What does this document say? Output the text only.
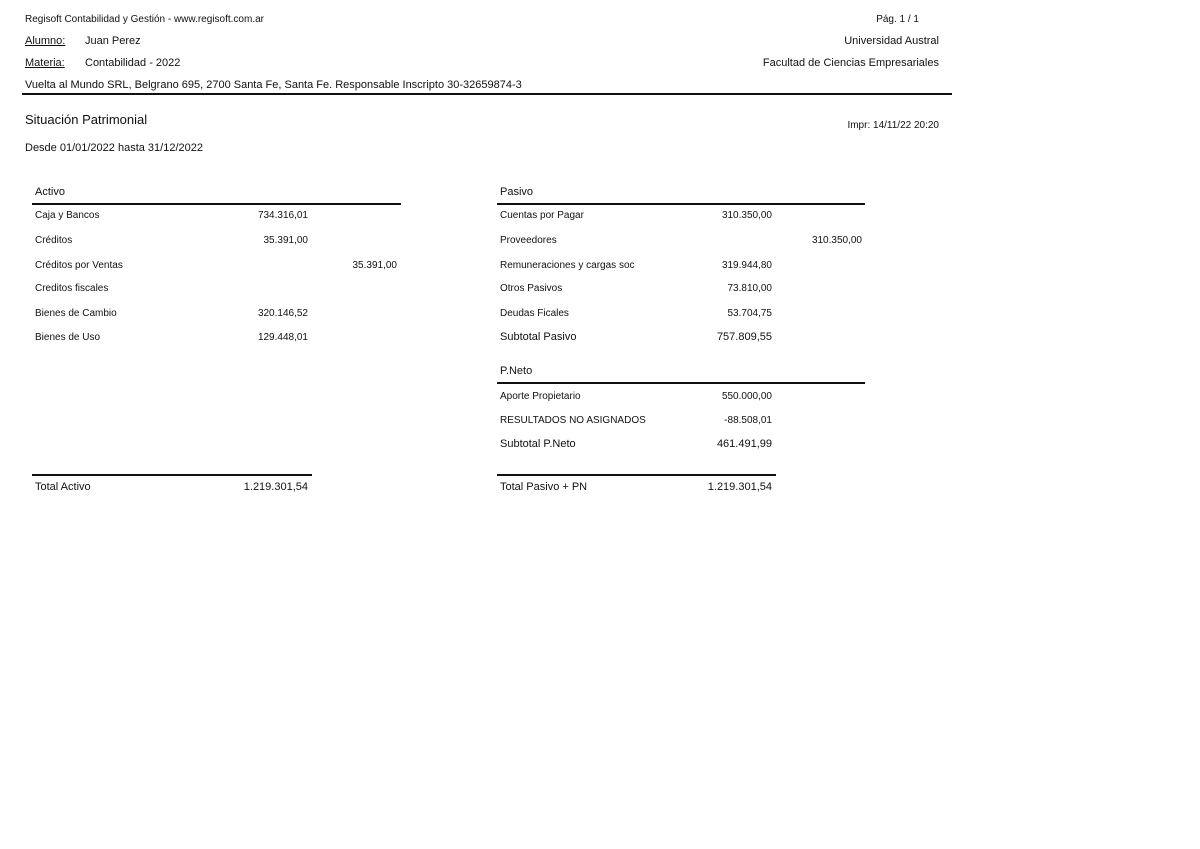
Regisoft Contabilidad y Gestión - www.regisoft.com.ar	Pág. 1 / 1
Alumno: Juan Perez	Universidad Austral
Materia: Contabilidad - 2022	Facultad de Ciencias Empresariales
Vuelta al Mundo SRL, Belgrano 695, 2700 Santa Fe, Santa Fe. Responsable Inscripto 30-32659874-3
Situación Patrimonial	Impr: 14/11/22 20:20
Desde 01/01/2022 hasta 31/12/2022
Activo
Caja y Bancos	734.316,01
Créditos	35.391,00
Créditos por Ventas	35.391,00
Creditos fiscales
Bienes de Cambio	320.146,52
Bienes de Uso	129.448,01
Total Activo	1.219.301,54
Pasivo
Cuentas por Pagar	310.350,00
Proveedores	310.350,00
Remuneraciones y cargas soc	319.944,80
Otros Pasivos	73.810,00
Deudas Ficales	53.704,75
Subtotal Pasivo	757.809,55
P.Neto
Aporte Propietario	550.000,00
RESULTADOS NO ASIGNADOS	-88.508,01
Subtotal P.Neto	461.491,99
Total Pasivo + PN	1.219.301,54
